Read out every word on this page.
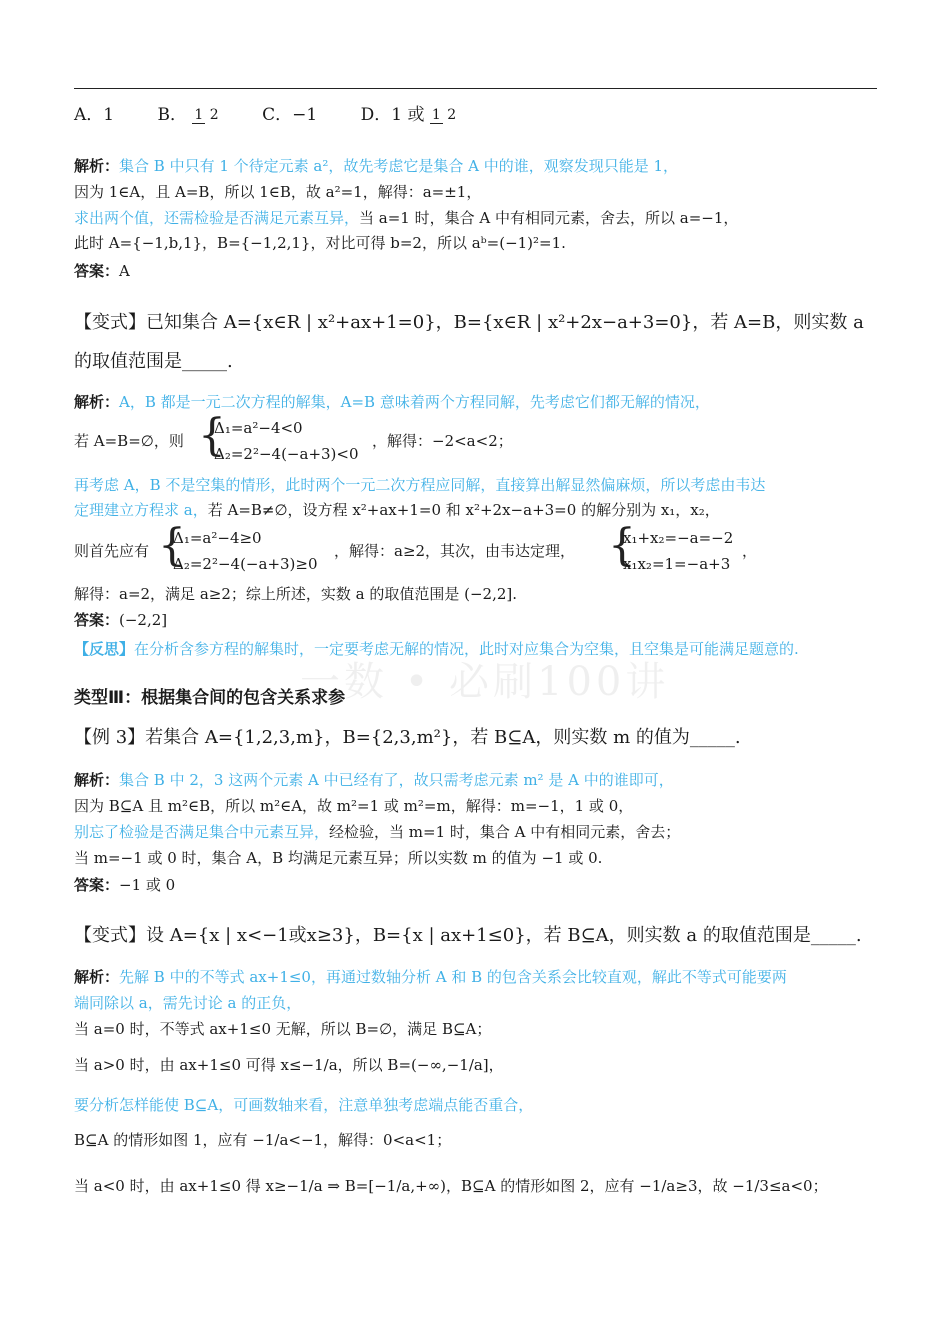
一数 • 必刷100讲
A．1	B． 1 2	C．−1	D．1 或 1 2
解析：集合 B 中只有 1 个待定元素 a²，故先考虑它是集合 A 中的谁，观察发现只能是 1，
因为 1∈A，且 A=B，所以 1∈B，故 a²=1，解得：a=±1，
求出两个值，还需检验是否满足元素互异，当 a=1 时，集合 A 中有相同元素，舍去，所以 a=−1，
此时 A={−1,b,1}，B={−1,2,1}，对比可得 b=2，所以 aᵇ=(−1)²=1.
答案：A
【变式】已知集合 A={x∈R | x²+ax+1=0}，B={x∈R | x²+2x−a+3=0}，若 A=B，则实数 a
的取值范围是_____.
解析：A，B 都是一元二次方程的解集，A=B 意味着两个方程同解，先考虑它们都无解的情况，
若 A=B=∅，则 {
Δ₁=a²−4<0
Δ₂=2²−4(−a+3)<0
，解得：−2<a<2；
再考虑 A，B 不是空集的情形，此时两个一元二次方程应同解，直接算出解显然偏麻烦，所以考虑由韦达
定理建立方程求 a，若 A=B≠∅，设方程 x²+ax+1=0 和 x²+2x−a+3=0 的解分别为 x₁，x₂，
则首先应有 {
Δ₁=a²−4≥0
Δ₂=2²−4(−a+3)≥0
，解得：a≥2，其次，由韦达定理， {
x₁+x₂=−a=−2
x₁x₂=1=−a+3
，
解得：a=2，满足 a≥2；综上所述，实数 a 的取值范围是 (−2,2].
答案：(−2,2]
【反思】在分析含参方程的解集时，一定要考虑无解的情况，此时对应集合为空集，且空集是可能满足题意的.
类型Ⅲ：根据集合间的包含关系求参
【例 3】若集合 A={1,2,3,m}，B={2,3,m²}，若 B⊆A，则实数 m 的值为_____.
解析：集合 B 中 2，3 这两个元素 A 中已经有了，故只需考虑元素 m² 是 A 中的谁即可，
因为 B⊆A 且 m²∈B，所以 m²∈A，故 m²=1 或 m²=m，解得：m=−1，1 或 0，
别忘了检验是否满足集合中元素互异，经检验，当 m=1 时，集合 A 中有相同元素，舍去；
当 m=−1 或 0 时，集合 A，B 均满足元素互异；所以实数 m 的值为 −1 或 0.
答案：−1 或 0
【变式】设 A={x | x<−1或x≥3}，B={x | ax+1≤0}，若 B⊆A，则实数 a 的取值范围是_____.
解析：先解 B 中的不等式 ax+1≤0，再通过数轴分析 A 和 B 的包含关系会比较直观，解此不等式可能要两
端同除以 a，需先讨论 a 的正负，
当 a=0 时，不等式 ax+1≤0 无解，所以 B=∅，满足 B⊆A；
当 a>0 时，由 ax+1≤0 可得 x≤−1/a，所以 B=(−∞,−1/a]，
要分析怎样能使 B⊆A，可画数轴来看，注意单独考虑端点能否重合，
B⊆A 的情形如图 1，应有 −1/a<−1，解得：0<a<1；
当 a<0 时，由 ax+1≤0 得 x≥−1/a ⇒ B=[−1/a,+∞)，B⊆A 的情形如图 2，应有 −1/a≥3，故 −1/3≤a<0；
